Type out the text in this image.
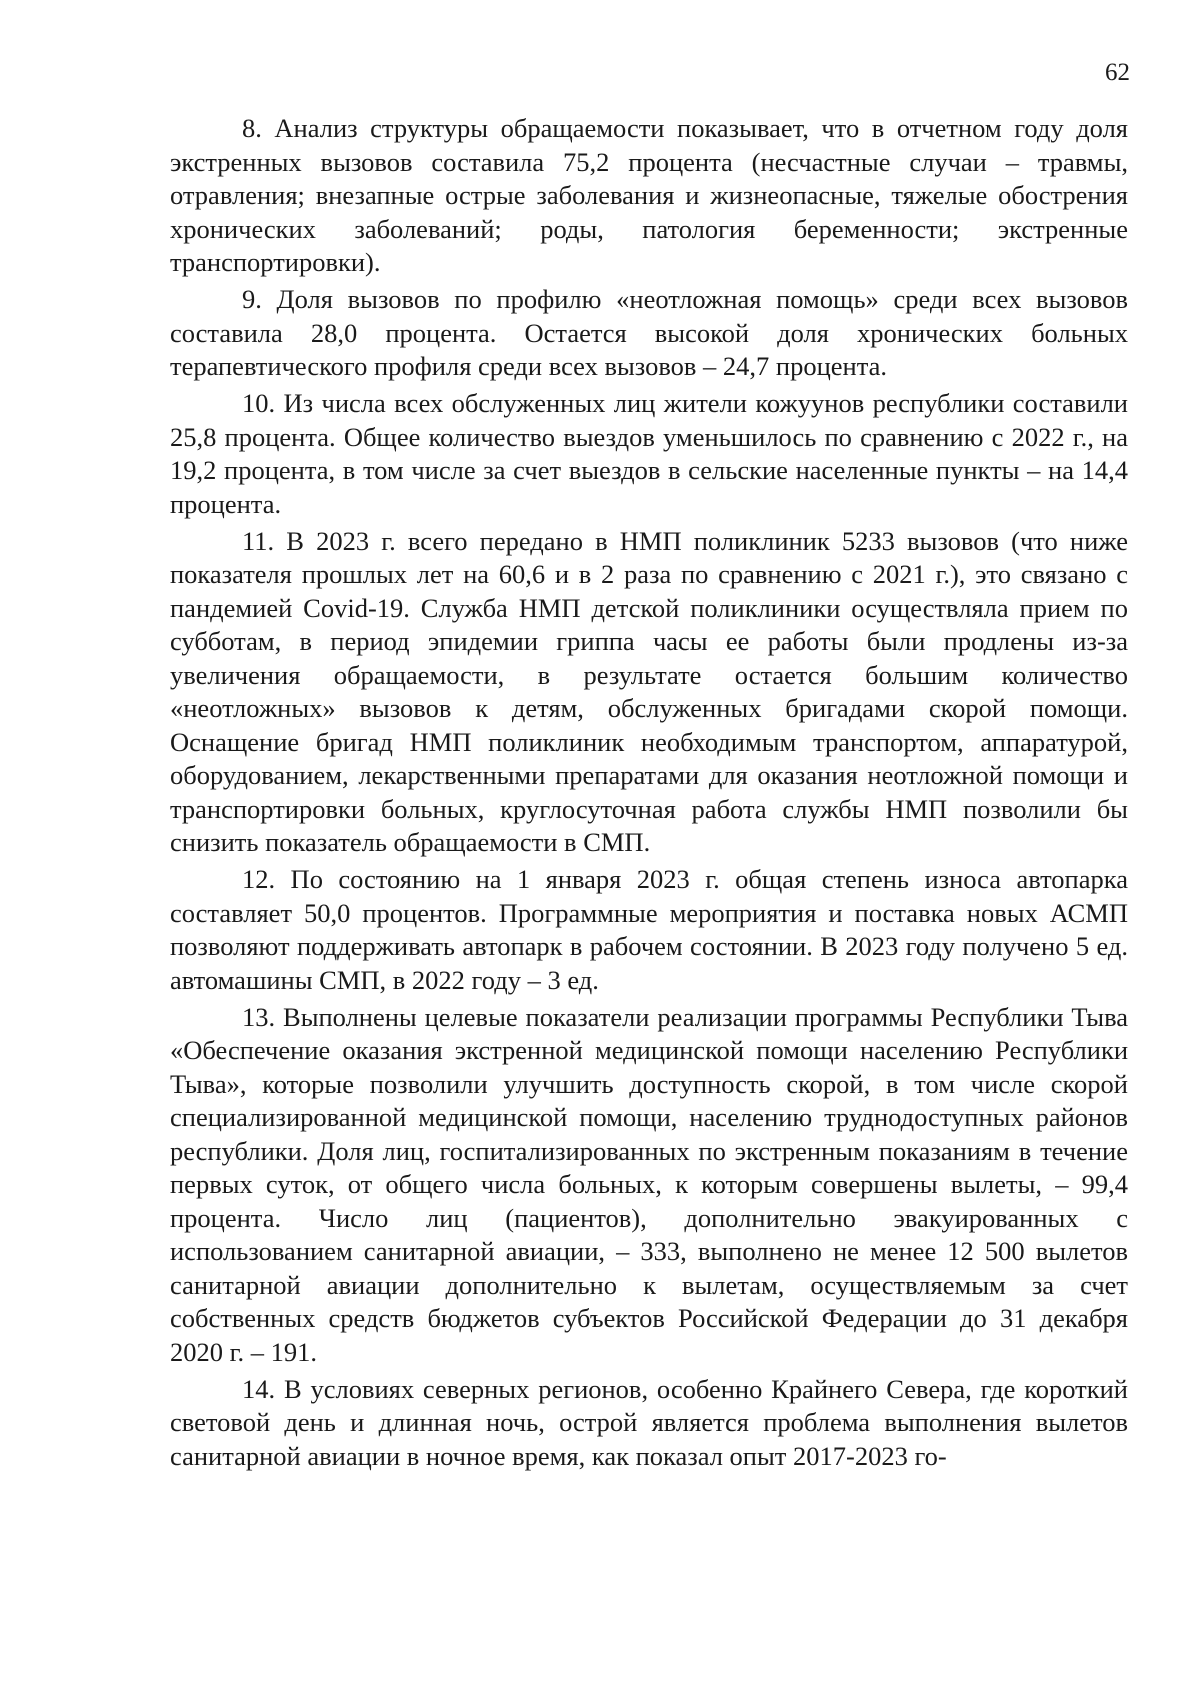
62

8. Анализ структуры обращаемости показывает, что в отчетном году доля экстренных вызовов составила 75,2 процента (несчастные случаи – травмы, отравления; внезапные острые заболевания и жизнеопасные, тяжелые обострения хронических заболеваний; роды, патология беременности; экстренные транспортировки).

9. Доля вызовов по профилю «неотложная помощь» среди всех вызовов составила 28,0 процента. Остается высокой доля хронических больных терапевтического профиля среди всех вызовов – 24,7 процента.

10. Из числа всех обслуженных лиц жители кожуунов республики составили 25,8 процента. Общее количество выездов уменьшилось по сравнению с 2022 г., на 19,2 процента, в том числе за счет выездов в сельские населенные пункты – на 14,4 процента.

11. В 2023 г. всего передано в НМП поликлиник 5233 вызовов (что ниже показателя прошлых лет на 60,6 и в 2 раза по сравнению с 2021 г.), это связано с пандемией Covid-19. Служба НМП детской поликлиники осуществляла прием по субботам, в период эпидемии гриппа часы ее работы были продлены из-за увеличения обращаемости, в результате остается большим количество «неотложных» вызовов к детям, обслуженных бригадами скорой помощи. Оснащение бригад НМП поликлиник необходимым транспортом, аппаратурой, оборудованием, лекарственными препаратами для оказания неотложной помощи и транспортировки больных, круглосуточная работа службы НМП позволили бы снизить показатель обращаемости в СМП.

12. По состоянию на 1 января 2023 г. общая степень износа автопарка составляет 50,0 процентов. Программные мероприятия и поставка новых АСМП позволяют поддерживать автопарк в рабочем состоянии. В 2023 году получено 5 ед. автомашины СМП, в 2022 году – 3 ед.

13. Выполнены целевые показатели реализации программы Республики Тыва «Обеспечение оказания экстренной медицинской помощи населению Республики Тыва», которые позволили улучшить доступность скорой, в том числе скорой специализированной медицинской помощи, населению труднодоступных районов республики. Доля лиц, госпитализированных по экстренным показаниям в течение первых суток, от общего числа больных, к которым совершены вылеты, – 99,4 процента. Число лиц (пациентов), дополнительно эвакуированных с использованием санитарной авиации, – 333, выполнено не менее 12 500 вылетов санитарной авиации дополнительно к вылетам, осуществляемым за счет собственных средств бюджетов субъектов Российской Федерации до 31 декабря 2020 г. – 191.

14. В условиях северных регионов, особенно Крайнего Севера, где короткий световой день и длинная ночь, острой является проблема выполнения вылетов санитарной авиации в ночное время, как показал опыт 2017-2023 го-
